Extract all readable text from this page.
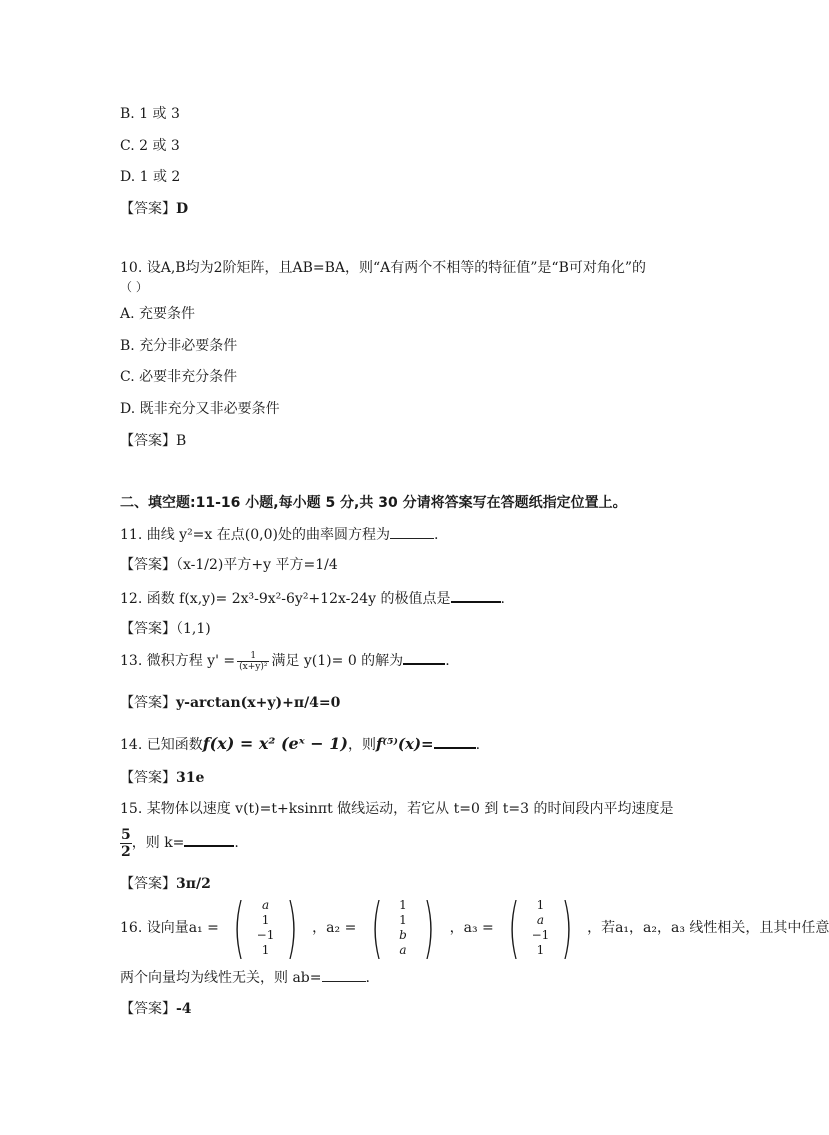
B. 1 或 3
C. 2 或 3
D. 1 或 2
【答案】D
10. 设A,B均为2阶矩阵，且AB=BA，则“A有两个不相等的特征值”是“B可对角化”的
（ ）
A. 充要条件
B. 充分非必要条件
C. 必要非充分条件
D. 既非充分又非必要条件
【答案】B
二、填空题:11-16 小题,每小题 5 分,共 30 分请将答案写在答题纸指定位置上。
11. 曲线 y²=x 在点(0,0)处的曲率圆方程为	.
【答案】（x-1/2)平方+y 平方=1/4
12. 函数 f(x,y)= 2x³-9x²-6y²+12x-24y 的极值点是	.
【答案】（1,1)
13. 微积方程 $y' = \frac{1}{\text{(x+y)²}}$ 满足 y(1)= 0 的解为	.
【答案】y-arctan(x+y)+π/4=0
14. 已知函数f(x) = x² (eˣ − 1)，则f⁽⁵⁾(x)=	.
【答案】31e
15. 某物体以速度 v(t)=t+ksinπt 做线运动，若它从 t=0 到 t=3 的时间段内平均速度是
$\frac{5}{2}$ ，则 k=	.
【答案】3π/2
16. 设向量a₁ = (	a
1
−1
1 ) ，a₂ = (	1
1
b
a ) ，a₃ = (	1
a
−1
1 ) ，若a₁，a₂，a₃ 线性相关，且其中任意
两个向量均为线性无关，则 ab=	.
【答案】-4
